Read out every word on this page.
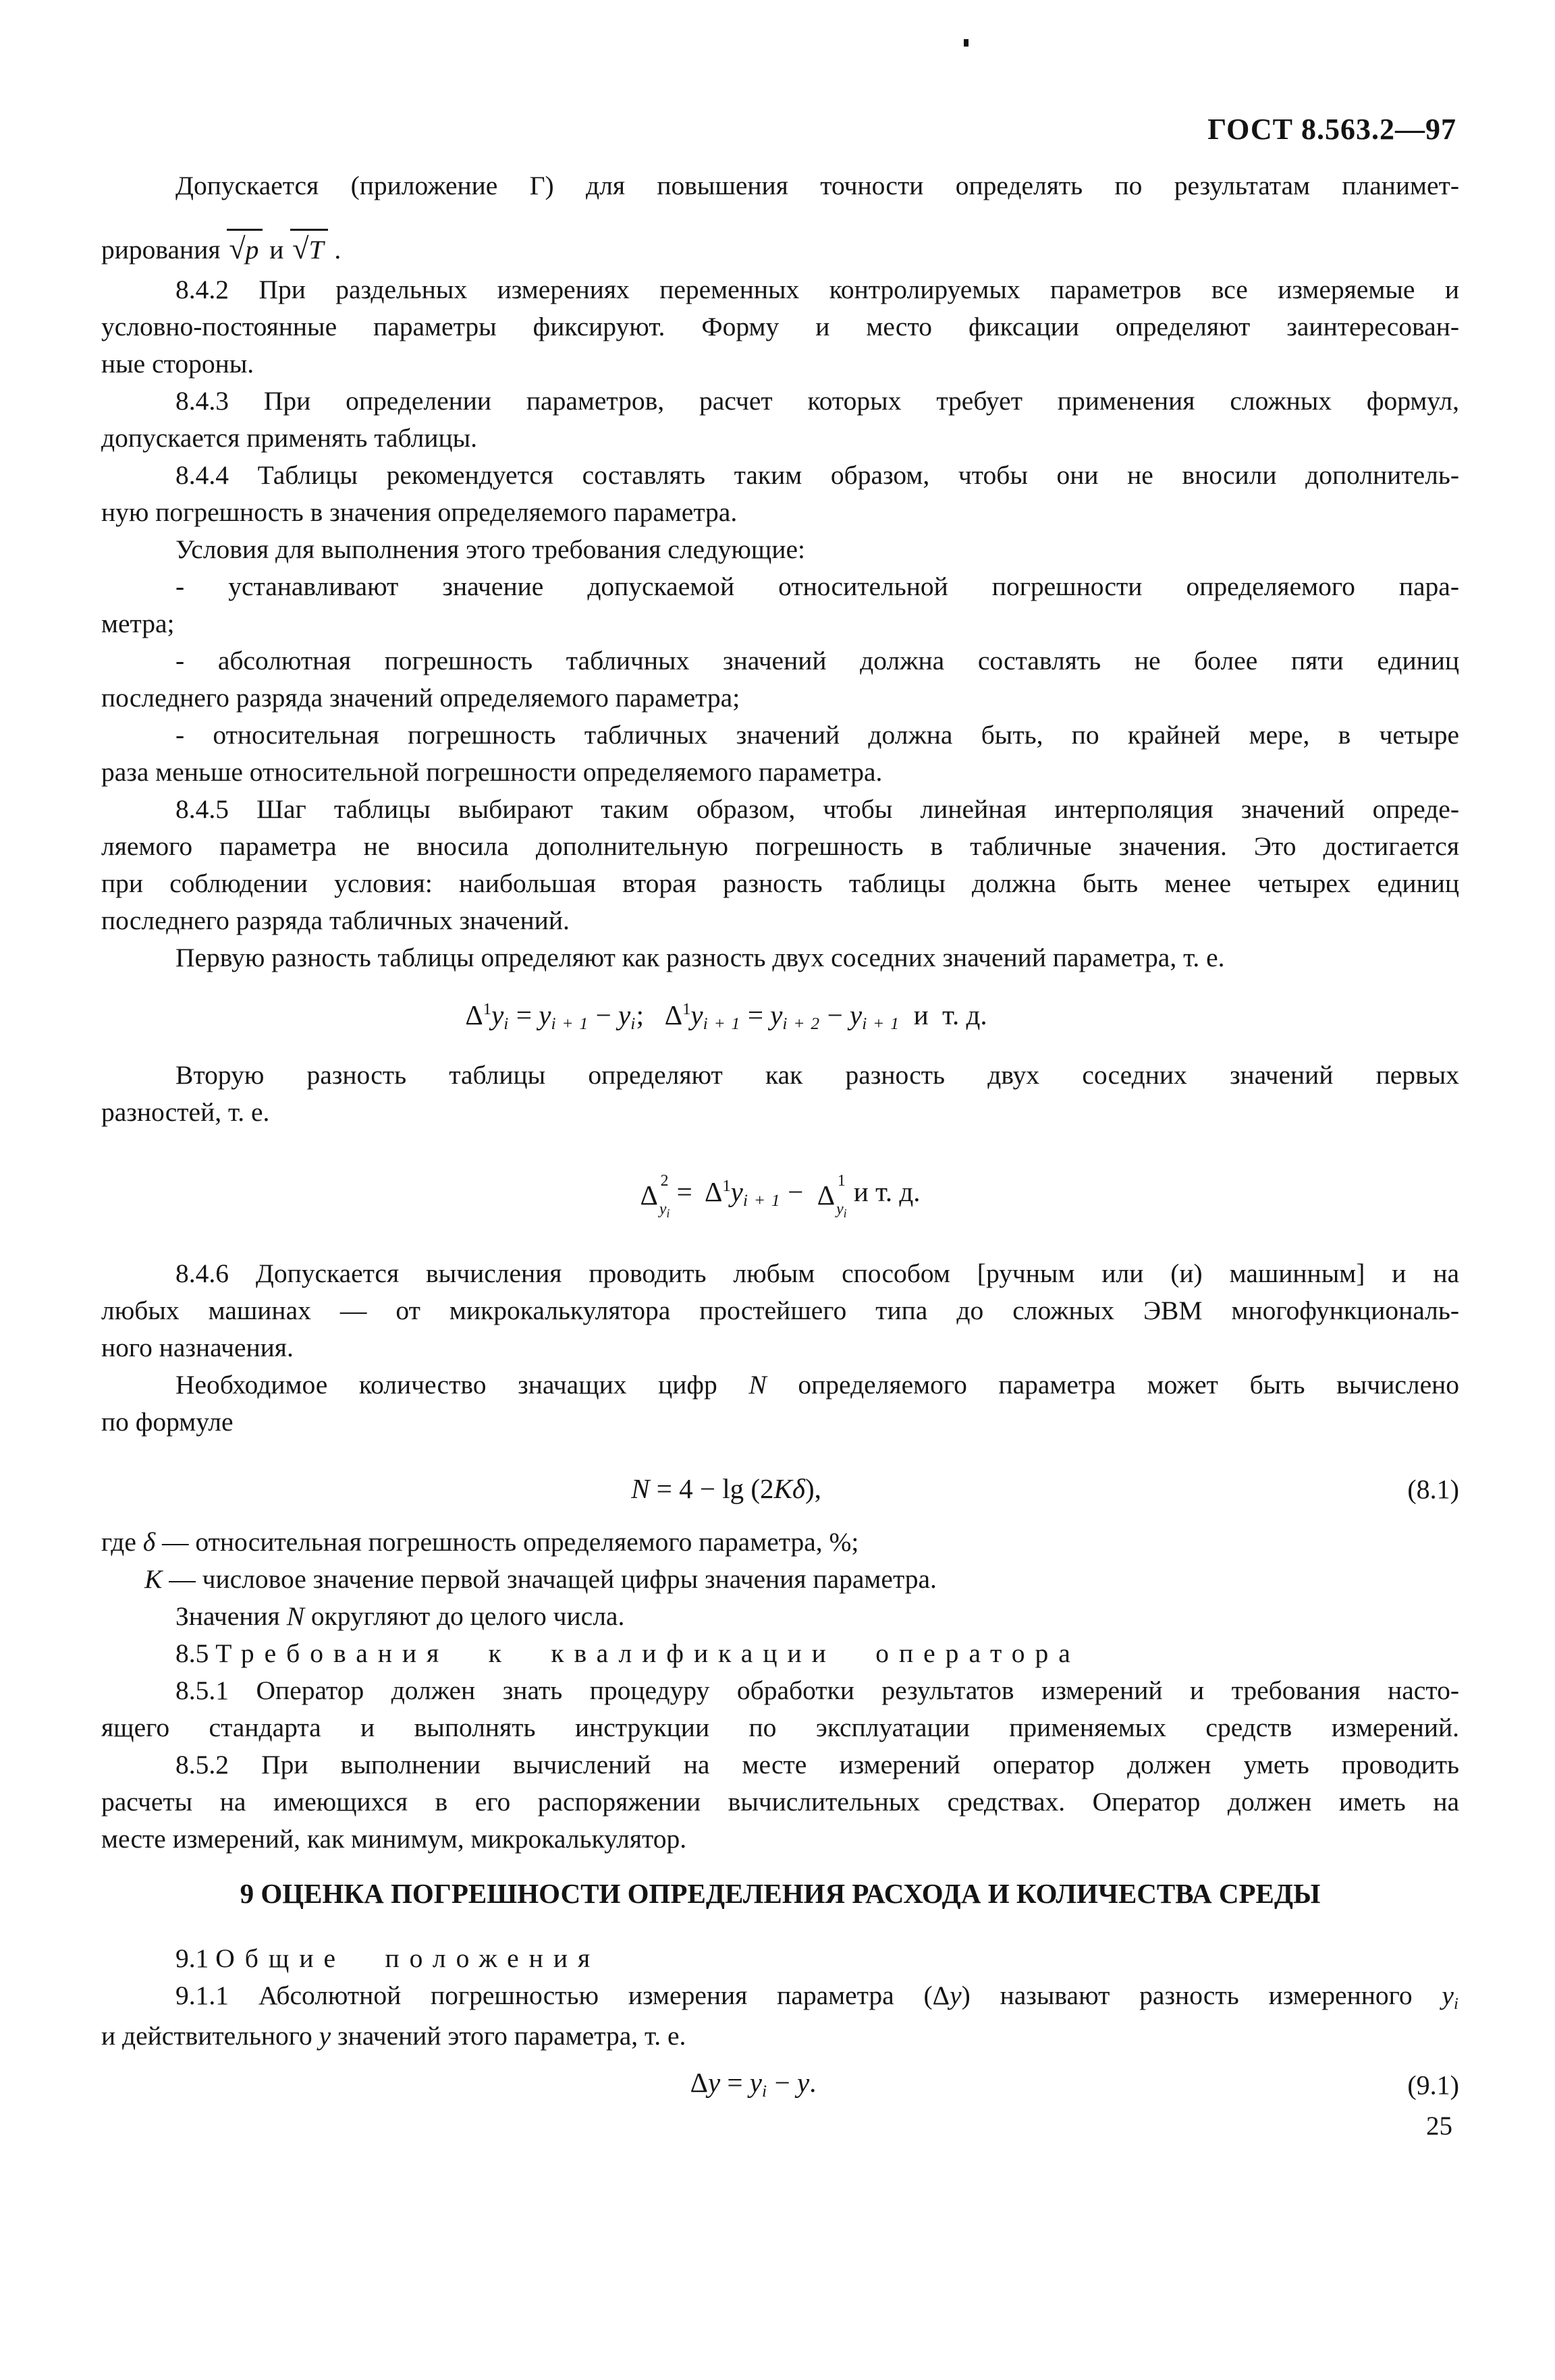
ГОСТ 8.563.2—97
Допускается (приложение Г) для повышения точности определять по результатам планимет-
рирования √p и √T .
8.4.2 При раздельных измерениях переменных контролируемых параметров все измеряемые и
условно-постоянные параметры фиксируют. Форму и место фиксации определяют заинтересован-
ные стороны.
8.4.3 При определении параметров, расчет которых требует применения сложных формул,
допускается применять таблицы.
8.4.4 Таблицы рекомендуется составлять таким образом, чтобы они не вносили дополнитель-
ную погрешность в значения определяемого параметра.
Условия для выполнения этого требования следующие:
- устанавливают значение допускаемой относительной погрешности определяемого пара-
метра;
- абсолютная погрешность табличных значений должна составлять не более пяти единиц
последнего разряда значений определяемого параметра;
- относительная погрешность табличных значений должна быть, по крайней мере, в четыре
раза меньше относительной погрешности определяемого параметра.
8.4.5 Шаг таблицы выбирают таким образом, чтобы линейная интерполяция значений опреде-
ляемого параметра не вносила дополнительную погрешность в табличные значения. Это достигается
при соблюдении условия: наибольшая вторая разность таблицы должна быть менее четырех единиц
последнего разряда табличных значений.
Первую разность таблицы определяют как разность двух соседних значений параметра, т. е.
$\Delta^1yi$ = yi + 1 − yi;   $\Delta^1yi + 1$ = yi + 2 − yi + 1  и  т. д.
Вторую разность таблицы определяют как разность двух соседних значений первых
разностей, т. е.
Δ 2
$y_i$
=  $\Delta^1yi + 1 - \Delta$ 1
$y_i$
и т. д.
8.4.6 Допускается вычисления проводить любым способом [ручным или (и) машинным] и на
любых машинах — от микрокалькулятора простейшего типа до сложных ЭВМ многофункциональ-
ного назначения.
Необходимое количество значащих цифр N определяемого параметра может быть вычислено
по формуле
N = 4 − lg (2Kδ),	(8.1)
где δ — относительная погрешность определяемого параметра, %;
K — числовое значение первой значащей цифры значения параметра.
Значения N округляют до целого числа.
8.5 Требования к квалификации оператора
8.5.1 Оператор должен знать процедуру обработки результатов измерений и требования насто-
ящего стандарта и выполнять инструкции по эксплуатации применяемых средств измерений.
8.5.2 При выполнении вычислений на месте измерений оператор должен уметь проводить
расчеты на имеющихся в его распоряжении вычислительных средствах. Оператор должен иметь на
месте измерений, как минимум, микрокалькулятор.
9 ОЦЕНКА ПОГРЕШНОСТИ ОПРЕДЕЛЕНИЯ РАСХОДА И КОЛИЧЕСТВА СРЕДЫ
9.1 Общие положения
9.1.1 Абсолютной погрешностью измерения параметра (Δy) называют разность измеренного yi
и действительного y значений этого параметра, т. е.
Δy = yi − y.	(9.1)
25
